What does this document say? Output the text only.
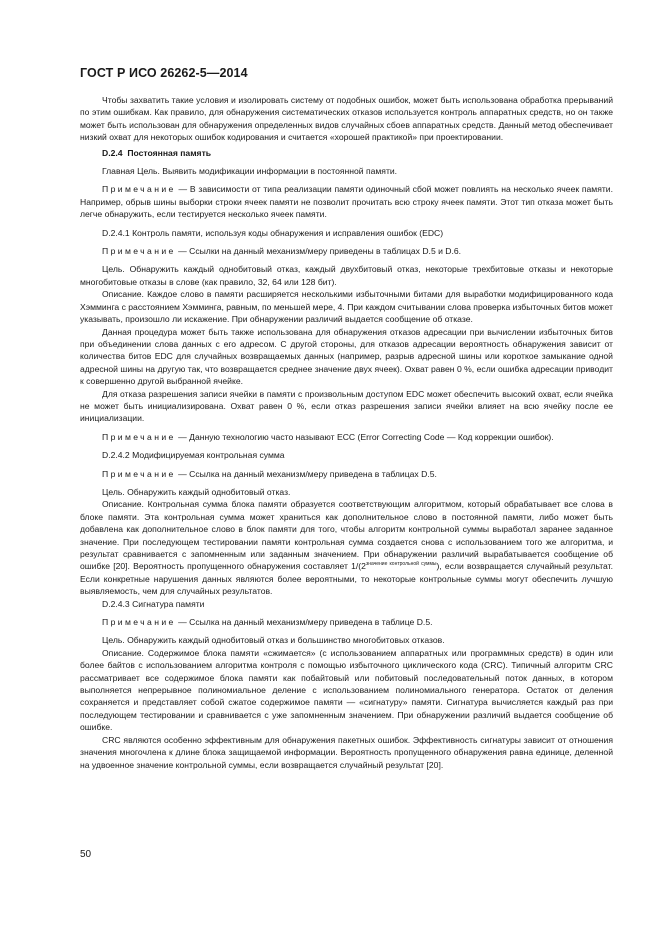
ГОСТ Р ИСО 26262-5—2014

Чтобы захватить такие условия и изолировать систему от подобных ошибок, может быть использована обработка прерываний по этим ошибкам. Как правило, для обнаружения систематических отказов используется контроль аппаратных средств, но он также может быть использован для обнаружения определенных видов случайных сбоев аппаратных средств. Данный метод обеспечивает низкий охват для некоторых ошибок кодирования и считается «хорошей практикой» при проектировании.

D.2.4 Постоянная память

Главная Цель. Выявить модификации информации в постоянной памяти.

Примечание — В зависимости от типа реализации памяти одиночный сбой может повлиять на несколько ячеек памяти. Например, обрыв шины выборки строки ячеек памяти не позволит прочитать всю строку ячеек памяти. Этот тип отказа может быть легче обнаружить, если тестируется несколько ячеек памяти.

D.2.4.1 Контроль памяти, используя коды обнаружения и исправления ошибок (EDC)

Примечание — Ссылки на данный механизм/меру приведены в таблицах D.5 и D.6.

Цель. Обнаружить каждый однобитовый отказ, каждый двухбитовый отказ, некоторые трехбитовые отказы и некоторые многобитовые отказы в слове (как правило, 32, 64 или 128 бит).

Описание. Каждое слово в памяти расширяется несколькими избыточными битами для выработки модифицированного кода Хэмминга с расстоянием Хэмминга, равным, по меньшей мере, 4. При каждом считывании слова проверка избыточных битов может указывать, произошло ли искажение. При обнаружении различий выдается сообщение об отказе.

Данная процедура может быть также использована для обнаружения отказов адресации при вычислении избыточных битов при объединении слова данных с его адресом. С другой стороны, для отказов адресации вероятность обнаружения зависит от количества битов EDC для случайных возвращаемых данных (например, разрыв адресной шины или короткое замыкание одной адресной шины на другую так, что возвращается среднее значение двух ячеек). Охват равен 0 %, если ошибка адресации приводит к совершенно другой выбранной ячейке.

Для отказа разрешения записи ячейки в памяти с произвольным доступом EDC может обеспечить высокий охват, если ячейка не может быть инициализирована. Охват равен 0 %, если отказ разрешения записи ячейки влияет на всю ячейку после ее инициализации.

Примечание — Данную технологию часто называют ECC (Error Correcting Code — Код коррекции ошибок).

D.2.4.2 Модифицируемая контрольная сумма

Примечание — Ссылка на данный механизм/меру приведена в таблицах D.5.

Цель. Обнаружить каждый однобитовый отказ.

Описание. Контрольная сумма блока памяти образуется соответствующим алгоритмом, который обрабатывает все слова в блоке памяти. Эта контрольная сумма может храниться как дополнительное слово в постоянной памяти, либо может быть добавлена как дополнительное слово в блок памяти для того, чтобы алгоритм контрольной суммы выработал заранее заданное значение. При последующем тестировании памяти контрольная сумма создается снова с использованием того же алгоритма, и результат сравнивается с запомненным или заданным значением. При обнаружении различий вырабатывается сообщение об ошибке [20]. Вероятность пропущенного обнаружения составляет $1/(2^{значение контрольной суммы})$, если возвращается случайный результат. Если конкретные нарушения данных являются более вероятными, то некоторые контрольные суммы могут обеспечить лучшую выявляемость, чем для случайных результатов.

D.2.4.3 Сигнатура памяти

Примечание — Ссылка на данный механизм/меру приведена в таблице D.5.

Цель. Обнаружить каждый однобитовый отказ и большинство многобитовых отказов.

Описание. Содержимое блока памяти «сжимается» (с использованием аппаратных или программных средств) в один или более байтов с использованием алгоритма контроля с помощью избыточного циклического кода (CRC). Типичный алгоритм CRC рассматривает все содержимое блока памяти как побайтовый или побитовый последовательный поток данных, в котором выполняется непрерывное полиномиальное деление с использованием полиномиального генератора. Остаток от деления сохраняется и представляет собой сжатое содержимое памяти — «сигнатуру» памяти. Сигнатура вычисляется каждый раз при последующем тестировании и сравнивается с уже запомненным значением. При обнаружении различий выдается сообщение об ошибке.

CRC являются особенно эффективным для обнаружения пакетных ошибок. Эффективность сигнатуры зависит от отношения значения многочлена к длине блока защищаемой информации. Вероятность пропущенного обнаружения равна единице, деленной на удвоенное значение контрольной суммы, если возвращается случайный результат [20].

50
